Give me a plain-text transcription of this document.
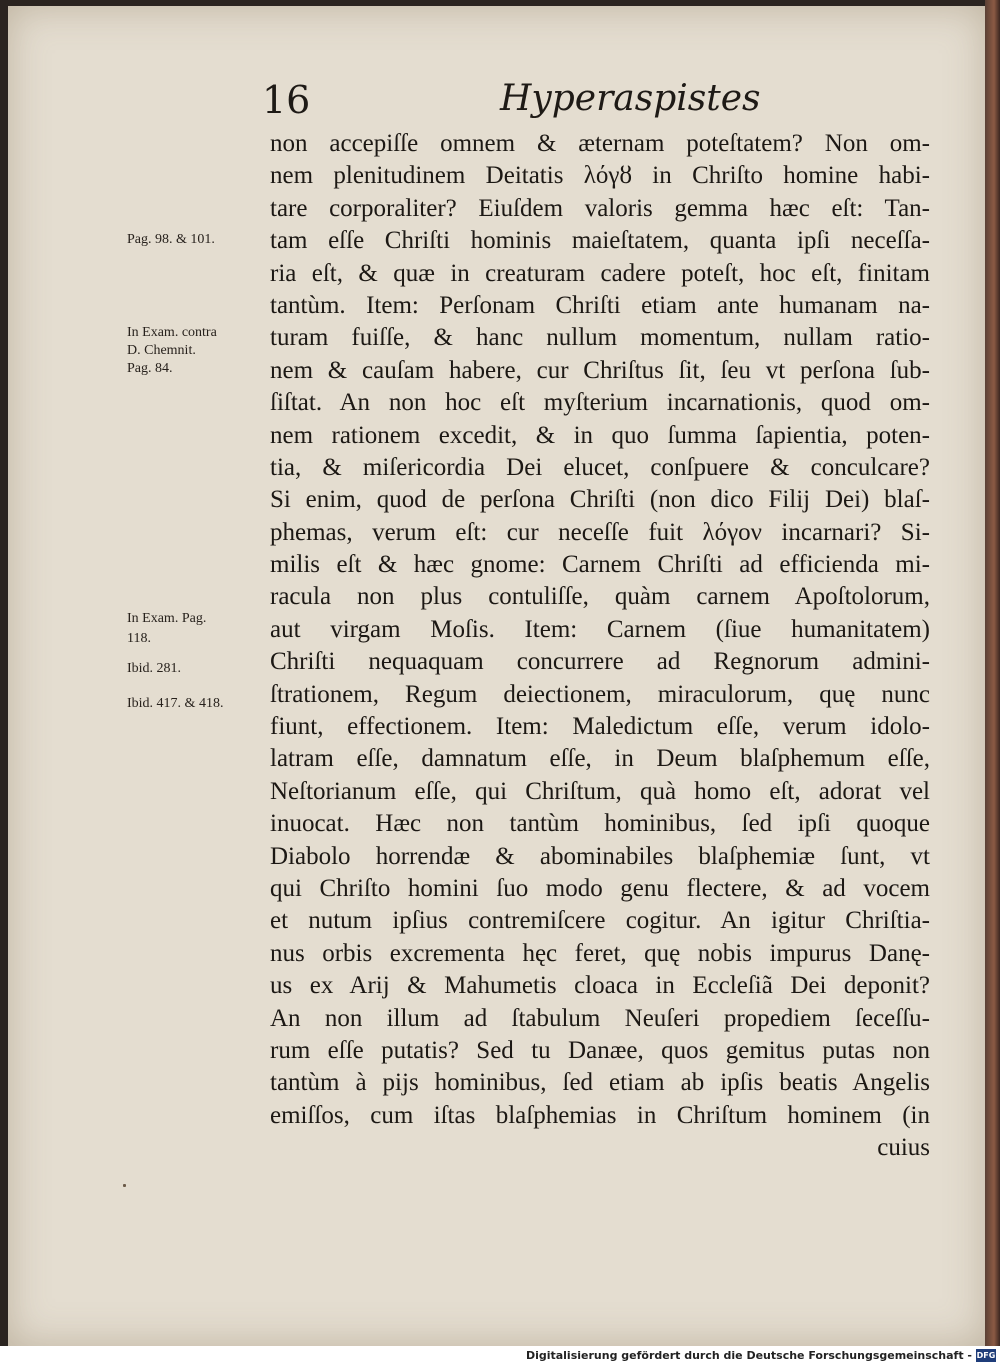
16	Hyperaspistes
non accepiſſe omnem & æternam poteſtatem? Non om-
nem plenitudinem Deitatis λόγȣ in Chriſto homine habi-
tare corporaliter? Eiuſdem valoris gemma hæc eſt: Tan-
tam eſſe Chriſti hominis maieſtatem, quanta ipſi neceſſa-
ria eſt, & quæ in creaturam cadere poteſt, hoc eſt, finitam
tantùm. Item: Perſonam Chriſti etiam ante humanam na-
turam fuiſſe, & hanc nullum momentum, nullam ratio-
nem & cauſam habere, cur Chriſtus ſit, ſeu vt perſona ſub-
ſiſtat. An non hoc eſt myſterium incarnationis, quod om-
nem rationem excedit, & in quo ſumma ſapientia, poten-
tia, & miſericordia Dei elucet, conſpuere & conculcare?
Si enim, quod de perſona Chriſti (non dico Filij Dei) blaſ-
phemas, verum eſt: cur neceſſe fuit λόγον incarnari? Si-
milis eſt & hæc gnome: Carnem Chriſti ad efficienda mi-
racula non plus contuliſſe, quàm carnem Apoſtolorum,
aut virgam Moſis. Item: Carnem (ſiue humanitatem)
Chriſti nequaquam concurrere ad Regnorum admini-
ſtrationem, Regum deiectionem, miraculorum, quę nunc
fiunt, effectionem. Item: Maledictum eſſe, verum idolo-
latram eſſe, damnatum eſſe, in Deum blaſphemum eſſe,
Neſtorianum eſſe, qui Chriſtum, quà homo eſt, adorat vel
inuocat. Hæc non tantùm hominibus, ſed ipſi quoque
Diabolo horrendæ & abominabiles blaſphemiæ ſunt, vt
qui Chriſto homini ſuo modo genu flectere, & ad vocem
et nutum ipſius contremiſcere cogitur. An igitur Chriſtia-
nus orbis excrementa hęc feret, quę nobis impurus Danę-
us ex Arij & Mahumetis cloaca in Eccleſiã Dei deponit?
An non illum ad ſtabulum Neuſeri propediem ſeceſſu-
rum eſſe putatis? Sed tu Danæe, quos gemitus putas non
tantùm à pijs hominibus, ſed etiam ab ipſis beatis Angelis
emiſſos, cum iſtas blaſphemias in Chriſtum hominem (in
cuius
Pag. 98. & 101.
In Exam. contra
D. Chemnit.
Pag. 84.
In Exam. Pag.
118.
Ibid. 281.
Ibid. 417. & 418.
Digitalisierung gefördert durch die Deutsche Forschungsgemeinschaft - DFG
